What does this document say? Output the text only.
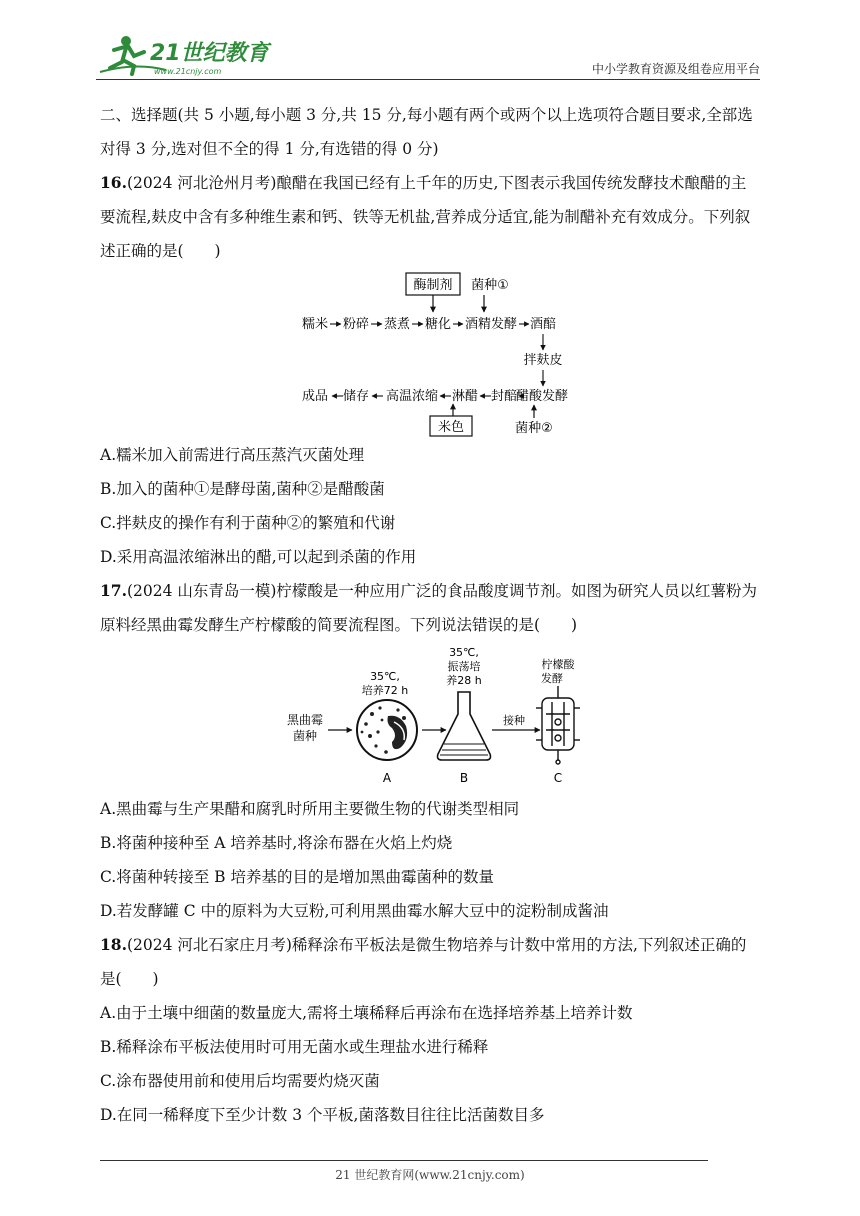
21世纪教育
www.21cnjy.com	中小学教育资源及组卷应用平台

二、选择题(共 5 小题,每小题 3 分,共 15 分,每小题有两个或两个以上选项符合题目要求,全部选对得 3 分,选对但不全的得 1 分,有选错的得 0 分)

16.(2024 河北沧州月考)酿醋在我国已经有上千年的历史,下图表示我国传统发酵技术酿醋的主要流程,麸皮中含有多种维生素和钙、铁等无机盐,营养成分适宜,能为制醋补充有效成分。下列叙述正确的是(　　)

酶制剂 菌种①
糯米 粉碎 蒸煮 糖化 酒精发酵 酒醅
拌麸皮
成品 储存 高温浓缩 淋醋 封醅
醋酸发酵
米色	菌种②

A.糯米加入前需进行高压蒸汽灭菌处理

B.加入的菌种①是酵母菌,菌种②是醋酸菌

C.拌麸皮的操作有利于菌种②的繁殖和代谢

D.采用高温浓缩淋出的醋,可以起到杀菌的作用

17.(2024 山东青岛一模)柠檬酸是一种应用广泛的食品酸度调节剂。如图为研究人员以红薯粉为原料经黑曲霉发酵生产柠檬酸的简要流程图。下列说法错误的是(　　)

黑曲霉
菌种
35℃,
培养72 h
35℃,
振荡培
养28 h
接种
柠檬酸
发酵
A	B	C

A.黑曲霉与生产果醋和腐乳时所用主要微生物的代谢类型相同

B.将菌种接种至 A 培养基时,将涂布器在火焰上灼烧

C.将菌种转接至 B 培养基的目的是增加黑曲霉菌种的数量

D.若发酵罐 C 中的原料为大豆粉,可利用黑曲霉水解大豆中的淀粉制成酱油

18.(2024 河北石家庄月考)稀释涂布平板法是微生物培养与计数中常用的方法,下列叙述正确的是(　　)

A.由于土壤中细菌的数量庞大,需将土壤稀释后再涂布在选择培养基上培养计数

B.稀释涂布平板法使用时可用无菌水或生理盐水进行稀释

C.涂布器使用前和使用后均需要灼烧灭菌

D.在同一稀释度下至少计数 3 个平板,菌落数目往往比活菌数目多

21 世纪教育网(www.21cnjy.com)
